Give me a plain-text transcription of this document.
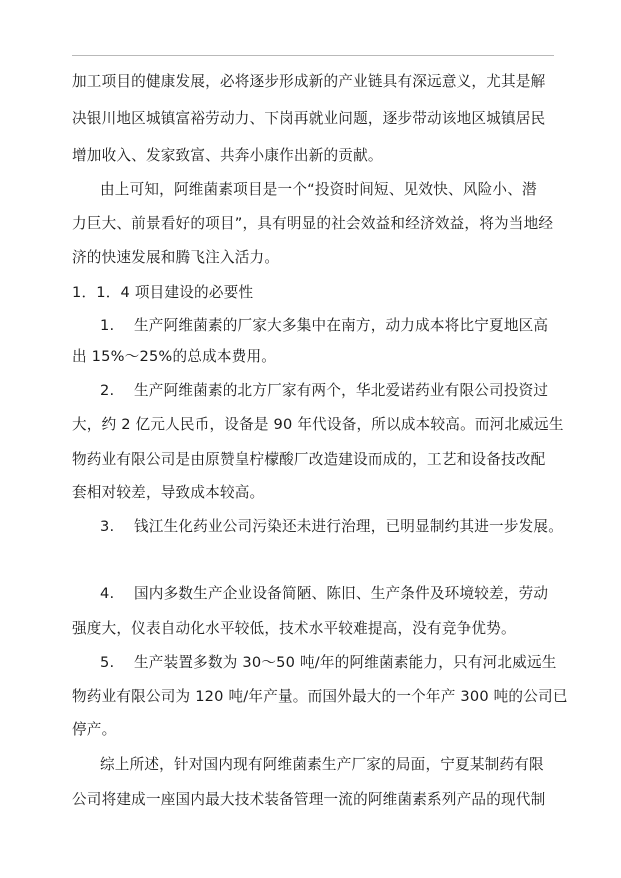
加工项目的健康发展，必将逐步形成新的产业链具有深远意义，尤其是解
决银川地区城镇富裕劳动力、下岗再就业问题，逐步带动该地区城镇居民
增加收入、发家致富、共奔小康作出新的贡献。
由上可知，阿维菌素项目是一个“投资时间短、见效快、风险小、潜
力巨大、前景看好的项目”，具有明显的社会效益和经济效益，将为当地经
济的快速发展和腾飞注入活力。
1．1．4 项目建设的必要性
1. 生产阿维菌素的厂家大多集中在南方，动力成本将比宁夏地区高
出 15%～25%的总成本费用。
2. 生产阿维菌素的北方厂家有两个，华北爱诺药业有限公司投资过
大，约 2 亿元人民币，设备是 90 年代设备，所以成本较高。而河北威远生
物药业有限公司是由原赞皇柠檬酸厂改造建设而成的，工艺和设备技改配
套相对较差，导致成本较高。
3. 钱江生化药业公司污染还未进行治理，已明显制约其进一步发展。
4. 国内多数生产企业设备简陋、陈旧、生产条件及环境较差，劳动
强度大，仪表自动化水平较低，技术水平较难提高，没有竞争优势。
5. 生产装置多数为 30～50 吨/年的阿维菌素能力，只有河北威远生
物药业有限公司为 120 吨/年产量。而国外最大的一个年产 300 吨的公司已
停产。
综上所述，针对国内现有阿维菌素生产厂家的局面，宁夏某制药有限
公司将建成一座国内最大技术装备管理一流的阿维菌素系列产品的现代制
